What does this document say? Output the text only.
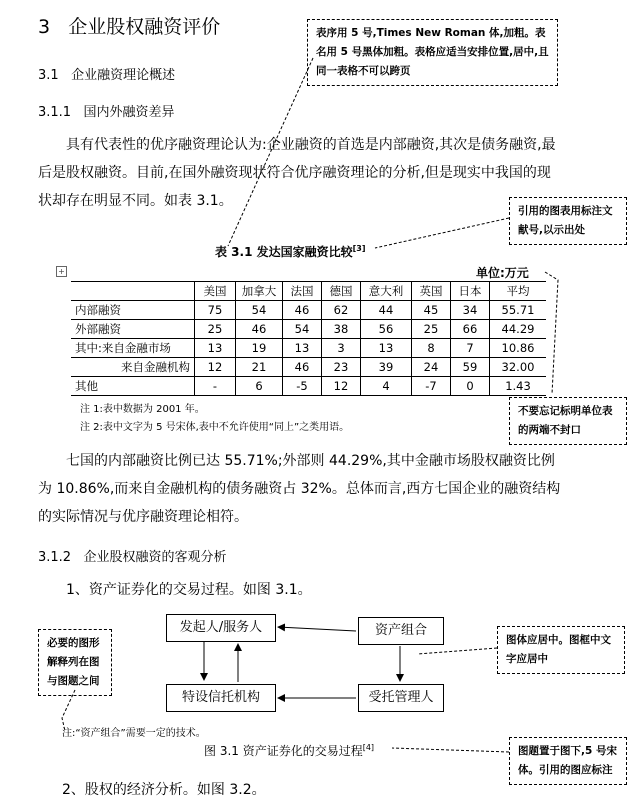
3 企业股权融资评价
3.1 企业融资理论概述
3.1.1 国内外融资差异
表序用 5 号,Times New Roman 体,加粗。表名用 5 号黑体加粗。表格应适当安排位置,居中,且同一表格不可以跨页
引用的图表用标注文献号,以示出处
不要忘记标明单位表的两端不封口
必要的图形解释列在图与图题之间
图体应居中。图框中文字应居中
图题置于图下,5 号宋体。引用的图应标注
具有代表性的优序融资理论认为:企业融资的首选是内部融资,其次是债务融资,最后是股权融资。目前,在国外融资现状符合优序融资理论的分析,但是现实中我国的现状却存在明显不同。如表 3.1。
表 3.1 发达国家融资比较[3]
单位:万元
+
	美国	加拿大	法国	德国	意大利	英国	日本	平均
内部融资	75	54	46	62	44	45	34	55.71
外部融资	25	46	54	38	56	25	66	44.29
其中:来自金融市场	13	19	13	3	13	8	7	10.86
来自金融机构	12	21	46	23	39	24	59	32.00
其他	-	6	-5	12	4	-7	0	1.43
注 1:表中数据为 2001 年。
注 2:表中文字为 5 号宋体,表中不允许使用“同上”之类用语。
七国的内部融资比例已达 55.71%;外部则 44.29%,其中金融市场股权融资比例为 10.86%,而来自金融机构的债务融资占 32%。总体而言,西方七国企业的融资结构的实际情况与优序融资理论相符。
3.1.2 企业股权融资的客观分析
1、资产证券化的交易过程。如图 3.1。
发起人/服务人	资产组合
特设信托机构	受托管理人
注:“资产组合”需要一定的技术。
图 3.1 资产证券化的交易过程[4]
2、股权的经济分析。如图 3.2。
